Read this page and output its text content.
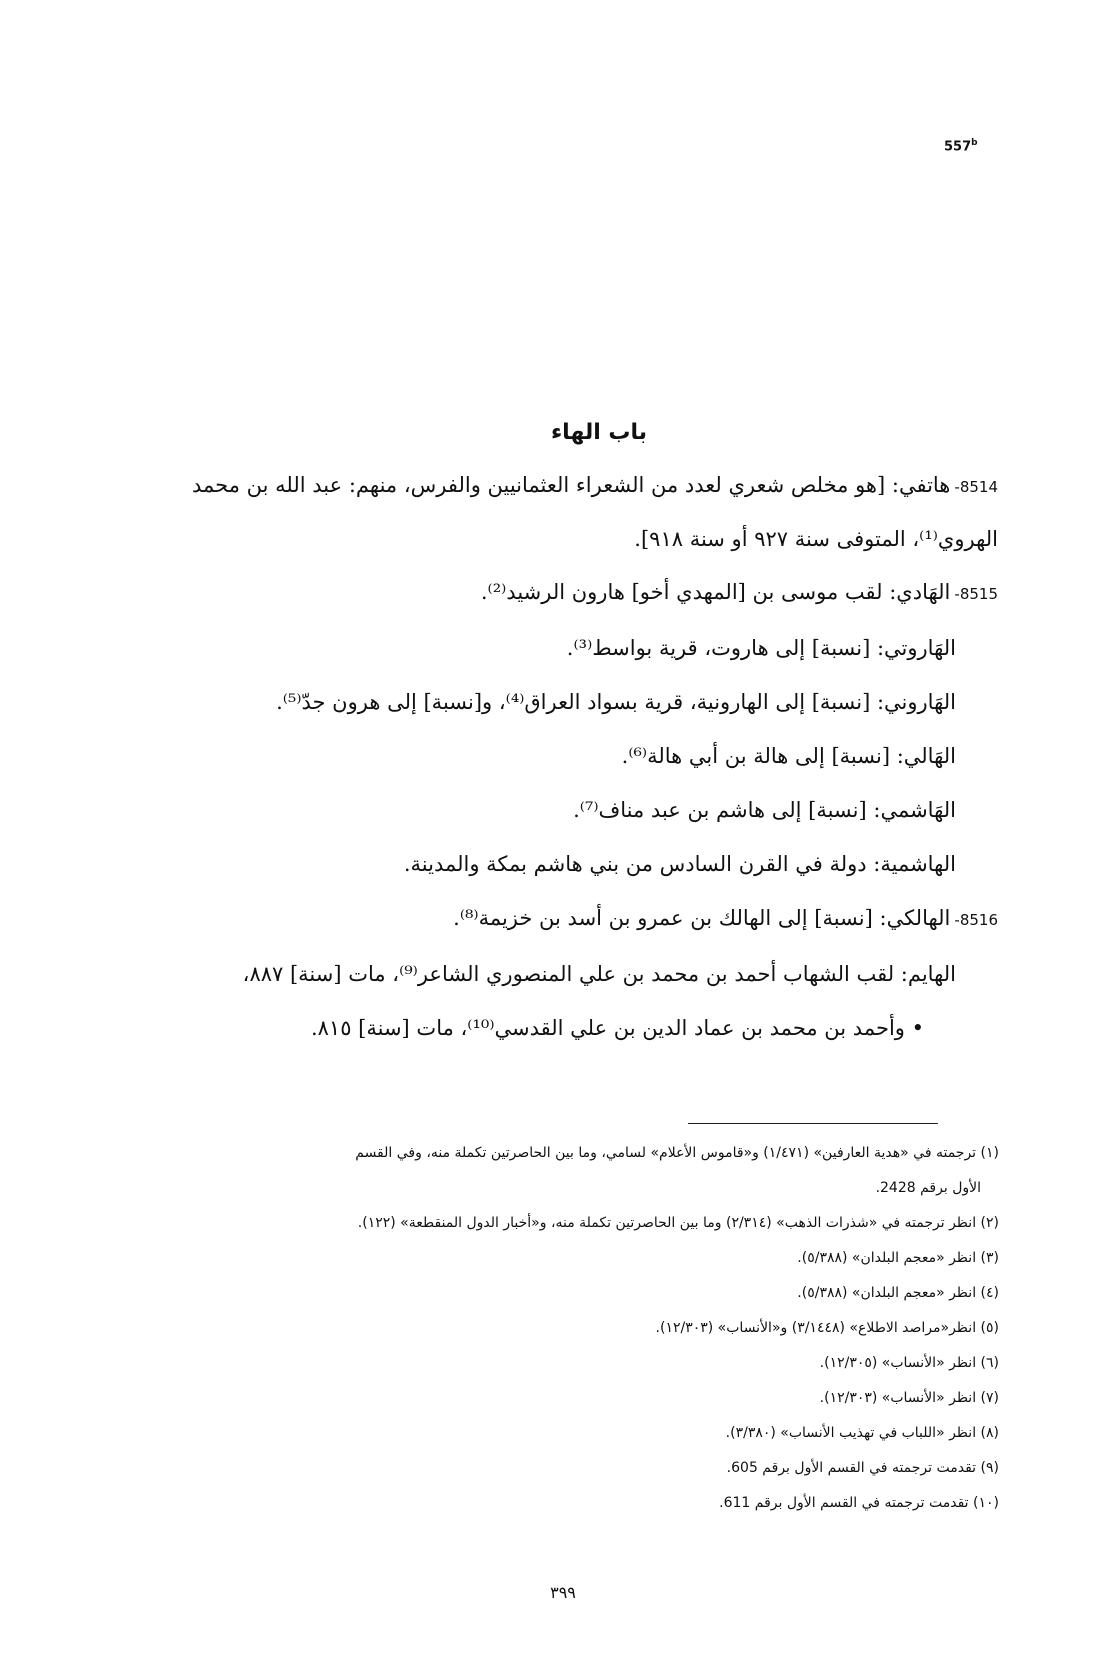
557$^b$
باب الهاء

8514-هاتفي: [هو مخلص شعري لعدد من الشعراء العثمانيين والفرس، منهم: عبد الله بن محمد الهروي⁽¹⁾، المتوفى سنة ٩٢٧ أو سنة ٩١٨].

8515-الهَادي: لقب موسى بن [المهدي أخو] هارون الرشيد⁽²⁾.

الهَاروتي: [نسبة] إلى هاروت، قرية بواسط⁽³⁾.

الهَاروني: [نسبة] إلى الهارونية، قرية بسواد العراق⁽⁴⁾، و[نسبة] إلى هرون جدّ⁽⁵⁾.

الهَالي: [نسبة] إلى هالة بن أبي هالة⁽⁶⁾.

الهَاشمي: [نسبة] إلى هاشم بن عبد مناف⁽⁷⁾.

الهاشمية: دولة في القرن السادس من بني هاشم بمكة والمدينة.

8516-الهالكي: [نسبة] إلى الهالك بن عمرو بن أسد بن خزيمة⁽⁸⁾.

الهايم: لقب الشهاب أحمد بن محمد بن علي المنصوري الشاعر⁽⁹⁾، مات [سنة] ٨٨٧،

• وأحمد بن محمد بن عماد الدين بن علي القدسي⁽¹⁰⁾، مات [سنة] ٨١٥.

(١) ترجمته في «هدية العارفين» (١/٤٧١) و«قاموس الأعلام» لسامي، وما بين الحاصرتين تكملة منه، وفي القسم

الأول برقم 2428.

(٢) انظر ترجمته في «شذرات الذهب» (٢/٣١٤) وما بين الحاصرتين تكملة منه، و«أخبار الدول المنقطعة» (١٢٢).

(٣) انظر «معجم البلدان» (٥/٣٨٨).

(٤) انظر «معجم البلدان» (٥/٣٨٨).

(٥) انظر«مراصد الاطلاع» (٣/١٤٤٨) و«الأنساب» (١٢/٣٠٣).

(٦) انظر «الأنساب» (١٢/٣٠٥).

(٧) انظر «الأنساب» (١٢/٣٠٣).

(٨) انظر «اللباب في تهذيب الأنساب» (٣/٣٨٠).

(٩) تقدمت ترجمته في القسم الأول برقم 605.

(١٠) تقدمت ترجمته في القسم الأول برقم 611.

٣٩٩
